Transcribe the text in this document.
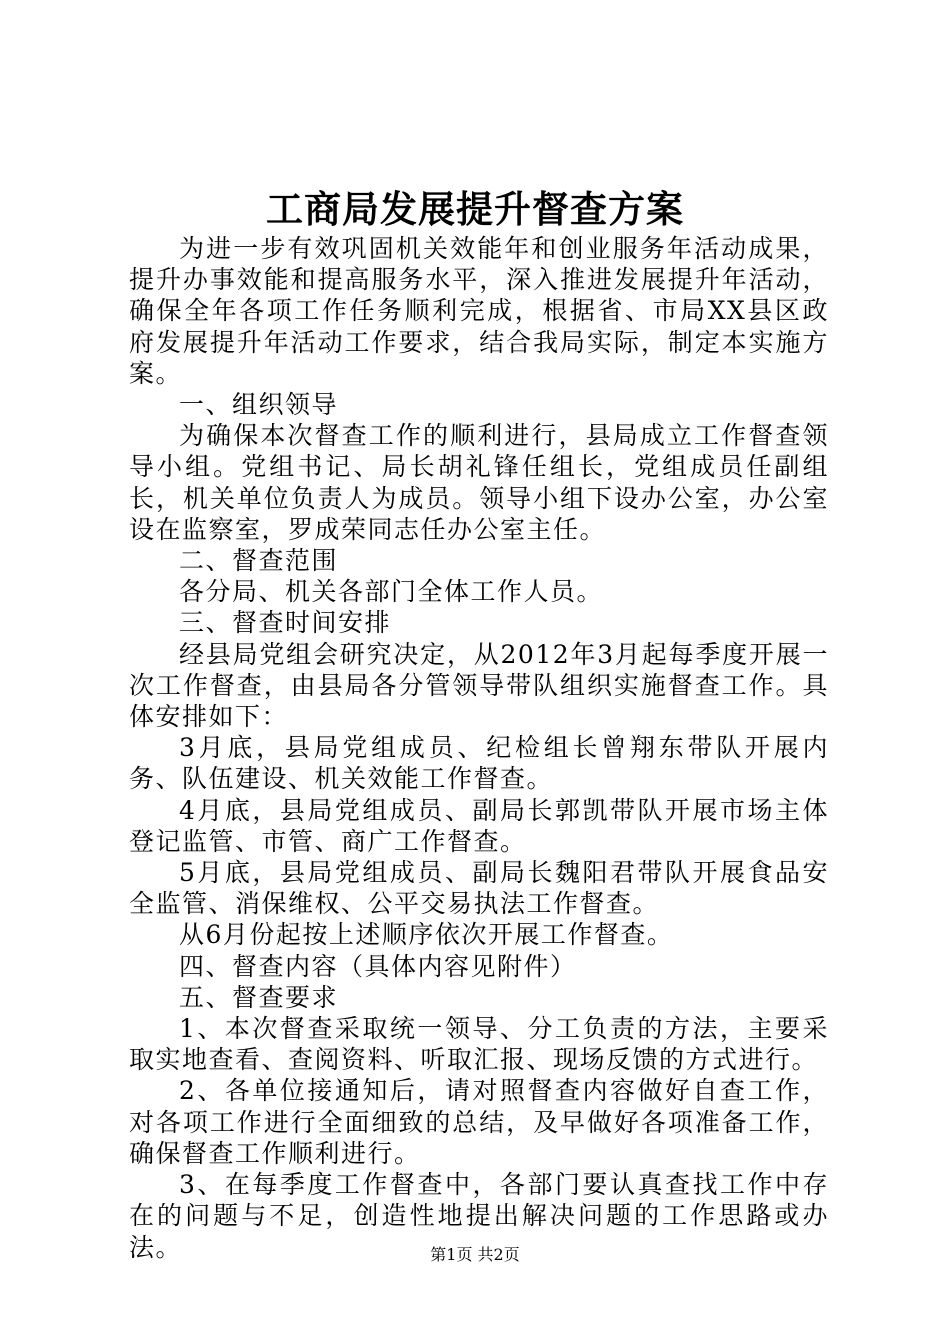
工商局发展提升督查方案

为进一步有效巩固机关效能年和创业服务年活动成果，提升办事效能和提高服务水平，深入推进发展提升年活动，确保全年各项工作任务顺利完成，根据省、市局XX县区政府发展提升年活动工作要求，结合我局实际，制定本实施方案。

一、组织领导

为确保本次督查工作的顺利进行，县局成立工作督查领导小组。党组书记、局长胡礼锋任组长，党组成员任副组长，机关单位负责人为成员。领导小组下设办公室，办公室设在监察室，罗成荣同志任办公室主任。

二、督查范围

各分局、机关各部门全体工作人员。

三、督查时间安排

经县局党组会研究决定，从2012年3月起每季度开展一次工作督查，由县局各分管领导带队组织实施督查工作。具体安排如下：

3月底，县局党组成员、纪检组长曾翔东带队开展内务、队伍建设、机关效能工作督查。

4月底，县局党组成员、副局长郭凯带队开展市场主体登记监管、市管、商广工作督查。

5月底，县局党组成员、副局长魏阳君带队开展食品安全监管、消保维权、公平交易执法工作督查。

从6月份起按上述顺序依次开展工作督查。

四、督查内容（具体内容见附件）

五、督查要求

1、本次督查采取统一领导、分工负责的方法，主要采取实地查看、查阅资料、听取汇报、现场反馈的方式进行。

2、各单位接通知后，请对照督查内容做好自查工作，对各项工作进行全面细致的总结，及早做好各项准备工作，确保督查工作顺利进行。

3、在每季度工作督查中，各部门要认真查找工作中存在的问题与不足，创造性地提出解决问题的工作思路或办法。	第1页 共2页
